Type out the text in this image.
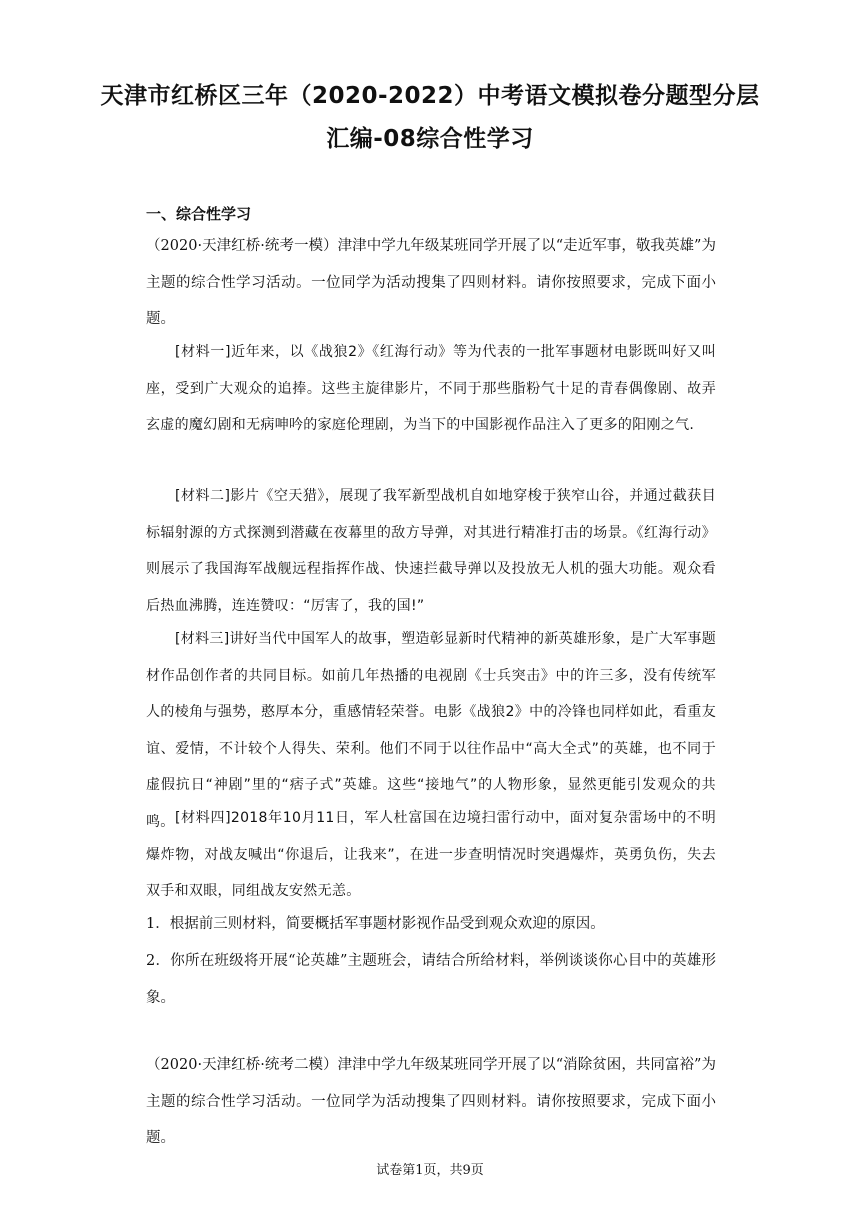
天津市红桥区三年（2020-2022）中考语文模拟卷分题型分层
汇编-08综合性学习
一、综合性学习

（2020·天津红桥·统考一模）津津中学九年级某班同学开展了以“走近军事，敬我英雄”为主题的综合性学习活动。一位同学为活动搜集了四则材料。请你按照要求，完成下面小题。

[材料一]近年来，以《战狼2》《红海行动》等为代表的一批军事题材电影既叫好又叫座，受到广大观众的追捧。这些主旋律影片，不同于那些脂粉气十足的青春偶像剧、故弄玄虚的魔幻剧和无病呻吟的家庭伦理剧，为当下的中国影视作品注入了更多的阳刚之气.

[材料二]影片《空天猎》，展现了我军新型战机自如地穿梭于狭窄山谷，并通过截获目标辐射源的方式探测到潜藏在夜幕里的敌方导弹，对其进行精准打击的场景。《红海行动》则展示了我国海军战舰远程指挥作战、快速拦截导弹以及投放无人机的强大功能。观众看后热血沸腾，连连赞叹：“厉害了，我的国!”

[材料三]讲好当代中国军人的故事，塑造彰显新时代精神的新英雄形象，是广大军事题材作品创作者的共同目标。如前几年热播的电视剧《士兵突击》中的许三多，没有传统军人的棱角与强势，憨厚本分，重感情轻荣誉。电影《战狼2》中的冷锋也同样如此，看重友谊、爱情，不计较个人得失、荣利。他们不同于以往作品中“高大全式”的英雄，也不同于虚假抗日“神剧”里的“痞子式”英雄。这些“接地气”的人物形象，显然更能引发观众的共鸣。 [材料四]2018年10月11日，军人杜富国在边境扫雷行动中，面对复杂雷场中的不明爆炸物，对战友喊出“你退后，让我来”，在进一步查明情况时突遇爆炸，英勇负伤，失去双手和双眼，同组战友安然无恙。

1．根据前三则材料，简要概括军事题材影视作品受到观众欢迎的原因。

2．你所在班级将开展“论英雄”主题班会，请结合所给材料，举例谈谈你心目中的英雄形象。

（2020·天津红桥·统考二模）津津中学九年级某班同学开展了以“消除贫困，共同富裕”为主题的综合性学习活动。一位同学为活动搜集了四则材料。请你按照要求，完成下面小题。

试卷第1页，共9页
